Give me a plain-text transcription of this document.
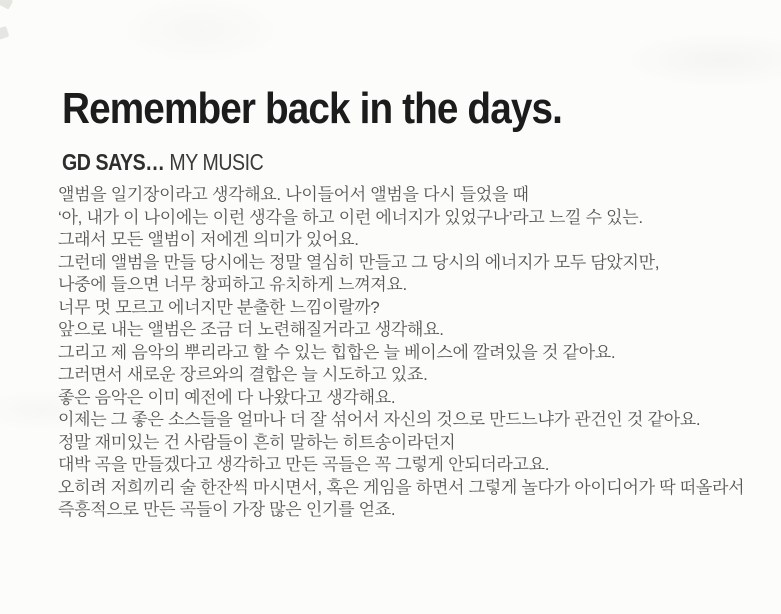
Remember back in the days.
GD SAYS… MY MUSIC
앨범을 일기장이라고 생각해요. 나이들어서 앨범을 다시 들었을 때
‘아, 내가 이 나이에는 이런 생각을 하고 이런 에너지가 있었구나’라고 느낄 수 있는.
그래서 모든 앨범이 저에겐 의미가 있어요.
그런데 앨범을 만들 당시에는 정말 열심히 만들고 그 당시의 에너지가 모두 담았지만,
나중에 들으면 너무 창피하고 유치하게 느껴져요.
너무 멋 모르고 에너지만 분출한 느낌이랄까?
앞으로 내는 앨범은 조금 더 노련해질거라고 생각해요.
그리고 제 음악의 뿌리라고 할 수 있는 힙합은 늘 베이스에 깔려있을 것 같아요.
그러면서 새로운 장르와의 결합은 늘 시도하고 있죠.
좋은 음악은 이미 예전에 다 나왔다고 생각해요.
이제는 그 좋은 소스들을 얼마나 더 잘 섞어서 자신의 것으로 만드느냐가 관건인 것 같아요.
정말 재미있는 건 사람들이 흔히 말하는 히트송이라던지
대박 곡을 만들겠다고 생각하고 만든 곡들은 꼭 그렇게 안되더라고요.
오히려 저희끼리 술 한잔씩 마시면서, 혹은 게임을 하면서 그렇게 놀다가 아이디어가 딱 떠올라서
즉흥적으로 만든 곡들이 가장 많은 인기를 얻죠.
